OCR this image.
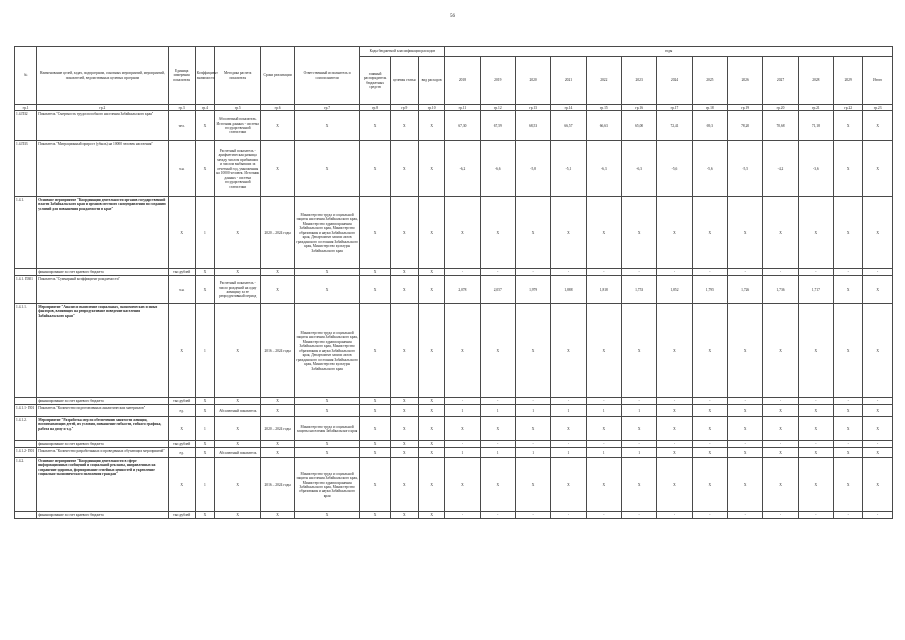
56
№	Наименование целей, задач, подпрограмм, основных мероприятий, мероприятий, показателей, ведомственных целевых программ	Единица измерения показателя	Коэффициент значимости	Методика расчета показателя	Сроки реализации	Ответственный исполнитель и соисполнители	Коды бюджетной классификации расходов			годы												
							главный распорядитель бюджетных средств	целевая статья	вид расходов	2018	2019	2020	2021	2022	2023	2024	2025	2026	2027	2028	2029	Итого
гр.1	гр.2	гр.3	гр.4	гр.5	гр.6	гр.7	гр.8	гр.9	гр.10	гр.11	гр.12	гр.13	гр.14	гр.15	гр.16	гр.17	гр.18	гр.19	гр.20	гр.21	гр.22	гр.23
1.4.ПЗ2	Показатель "Смертность трудоспособного населения Забайкальского края"	чел.	X	Абсолютный показатель. Источник данных - система государственной статистики	X	X	X	X	X	67,30	67,59	68,53	66,57	66,63	65,00	72,41	69,3	78,20	70,68	71,18	X	X
1.4.ПЗ3	Показатель "Миграционный прирост (убыль) на 10000 человек населения"	ч.н.	X	Расчетный показатель - арифметическая разница между числом прибывших и числом выбывших за отчетный год, умноженная на 10000 человек. Источник данных - система государственной статистики	X	X	X	X	X	-6,2	-6,6	-5,8	-5,1	-6,3	-6,3	-5,6	-5,6	-5,5	-4,2	-3,6	X	X
1.4.1.	Основное мероприятие "Координация деятельности органов государственной власти Забайкальского края и органов местного самоуправления по созданию условий для повышения рождаемости в крае"	X	1	X	2020 – 2024 годы	Министерство труда и социальной защиты населения Забайкальского края, Министерство здравоохранения Забайкальского края, Министерство образования и науки Забайкальского края, Департамент записи актов гражданского состояния Забайкальского края, Министерство культуры Забайкальского края	X	X	X	X	X	X	X	X	X	X	X	X	X	X	X	X
	финансирование за счет краевого бюджета	тыс.рублей	X	X	X	X	X	X	X	-	-	-	-	-	-	-	-	-	-	-	-	-
1.4.1. ПЗ01	Показатель "Суммарный коэффициент рождаемости"	ч.н.	X	Расчетный показатель - число рождений на одну женщину за ее репродуктивный период	X	X	X	X	X	2,078	2,057	1,979	1,888	1,818	1,753	1,852	1,795	1,726	1,736	1,717	X	X
1.4.1.1.	Мероприятие "Анализ и выявление социальных, экономических и иных факторов, влияющих на репродуктивное поведение населения Забайкальского края"	X	1	X	2016 – 2024 годы	Министерство труда и социальной защиты населения Забайкальского края, Министерство здравоохранения Забайкальского края, Министерство образования и науки Забайкальского края, Департамент записи актов гражданского состояния Забайкальского края, Министерство культуры Забайкальского края	X	X	X	X	X	X	X	X	X	X	X	X	X	X	X	X
	финансирование за счет краевого бюджета	тыс.рублей	X	X	X	X	X	X	X	-	-	-	-	-	-	-	-	-	-	-	-	-
1.4.1.1- П01	Показатель "Количество подготовленных аналитических материалов"	ед.	X	Абсолютный показатель	X	X	X	X	X	1	1	1	1	1	1	X	X	X	X	X	X	X
1.4.1.2.	Мероприятие "Разработка мер по обеспечению занятости женщин, воспитывающих детей, их условия, повышение гибкости, гибкого графика, работа на дому и т.д."	X	1	X	2020 – 2024 годы	Министерство труда и социальной защиты населения Забайкальского края	X	X	X	X	X	X	X	X	X	X	X	X	X	X	X	X
	финансирование за счет краевого бюджета	тыс.рублей	X	X	X	X	X	X	X	-	-	-	-	-	-	-	-	-	-	-	-	-
1.4.1.2- П01	Показатель "Количество разработанных и проведенных обучающих мероприятий"	ед.	X	Абсолютный показатель	X	X	X	X	X	1	1	1	1	1	1	X	X	X	X	X	X	X
1.4.2.	Основное мероприятие "Координация деятельности в сфере информационных сообщений и социальной рекламы, направленных на сохранение здоровья, формирование семейных ценностей и укрепление социально-экономического положения граждан"	X	1	X	2016 – 2024 годы	Министерство труда и социальной защиты населения Забайкальского края, Министерство здравоохранения Забайкальского края, Министерство образования и науки Забайкальского края	X	X	X	X	X	X	X	X	X	X	X	X	X	X	X	X
	финансирование за счет краевого бюджета	тыс.рублей	X	X	X	X	X	X	X	-	-	-	-	-	-	-	-	-	-	-	-	-
